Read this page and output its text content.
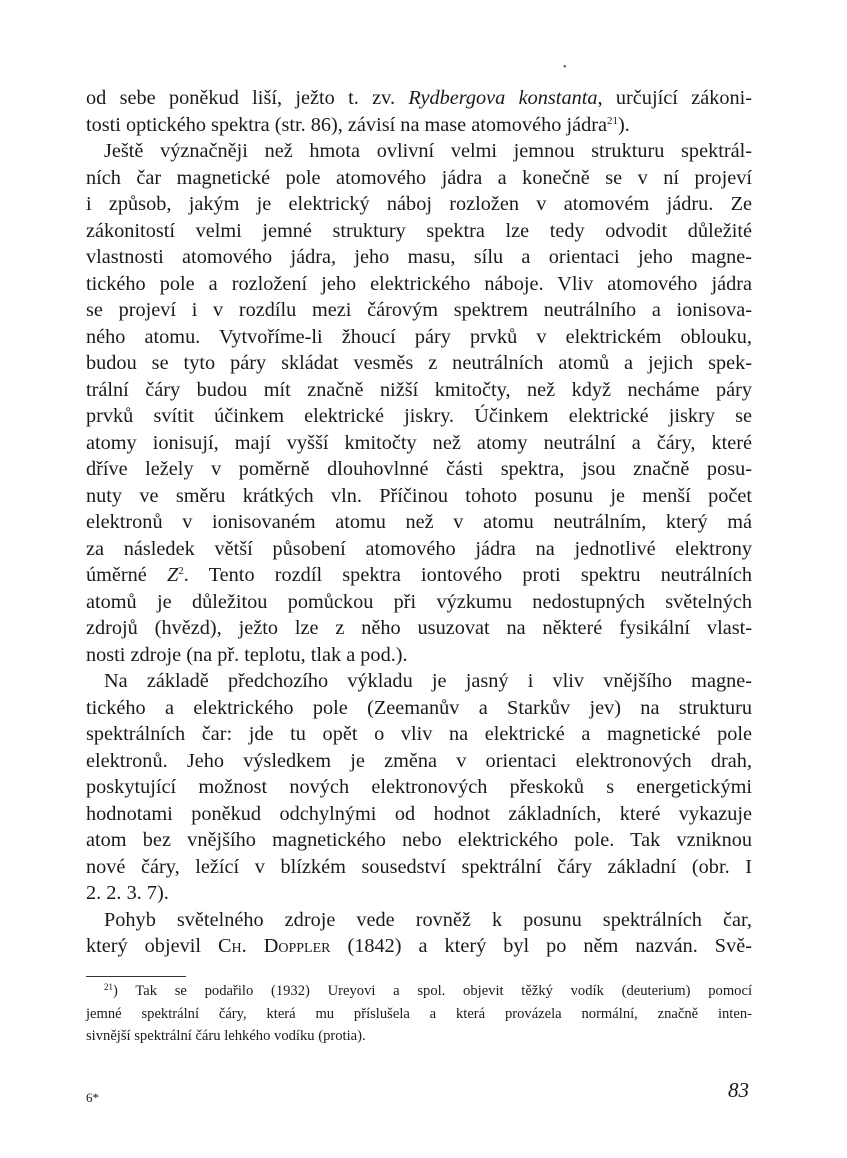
•
od sebe poněkud liší, ježto t. zv. Rydbergova konstanta, určující zákoni-
tosti optického spektra (str. 86), závisí na mase atomového jádra$^{21}$).
Ještě význačněji než hmota ovlivní velmi jemnou strukturu spektrál-
ních čar magnetické pole atomového jádra a konečně se v ní projeví
i způsob, jakým je elektrický náboj rozložen v atomovém jádru. Ze
zákonitostí velmi jemné struktury spektra lze tedy odvodit důležité
vlastnosti atomového jádra, jeho masu, sílu a orientaci jeho magne-
tického pole a rozložení jeho elektrického náboje. Vliv atomového jádra
se projeví i v rozdílu mezi čárovým spektrem neutrálního a ionisova-
ného atomu. Vytvoříme-li žhoucí páry prvků v elektrickém oblouku,
budou se tyto páry skládat vesměs z neutrálních atomů a jejich spek-
trální čáry budou mít značně nižší kmitočty, než když necháme páry
prvků svítit účinkem elektrické jiskry. Účinkem elektrické jiskry se
atomy ionisují, mají vyšší kmitočty než atomy neutrální a čáry, které
dříve ležely v poměrně dlouhovlnné části spektra, jsou značně posu-
nuty ve směru krátkých vln. Příčinou tohoto posunu je menší počet
elektronů v ionisovaném atomu než v atomu neutrálním, který má
za následek větší působení atomového jádra na jednotlivé elektrony
úměrné $Z^2$. Tento rozdíl spektra iontového proti spektru neutrálních
atomů je důležitou pomůckou při výzkumu nedostupných světelných
zdrojů (hvězd), ježto lze z něho usuzovat na některé fysikální vlast-
nosti zdroje (na př. teplotu, tlak a pod.).
Na základě předchozího výkladu je jasný i vliv vnějšího magne-
tického a elektrického pole (Zeemanův a Starkův jev) na strukturu
spektrálních čar: jde tu opět o vliv na elektrické a magnetické pole
elektronů. Jeho výsledkem je změna v orientaci elektronových drah,
poskytující možnost nových elektronových přeskoků s energetickými
hodnotami poněkud odchylnými od hodnot základních, které vykazuje
atom bez vnějšího magnetického nebo elektrického pole. Tak vzniknou
nové čáry, ležící v blízkém sousedství spektrální čáry základní (obr. I
2. 2. 3. 7).
Pohyb světelného zdroje vede rovněž k posunu spektrálních čar,
který objevil Ch. Doppler (1842) a který byl po něm nazván. Svě-
$^{21}$) Tak se podařilo (1932) Ureyovi a spol. objevit těžký vodík (deuterium) pomocí
jemné spektrální čáry, která mu příslušela a která provázela normální, značně inten-
sivnější spektrální čáru lehkého vodíku (protia).
6*	83
